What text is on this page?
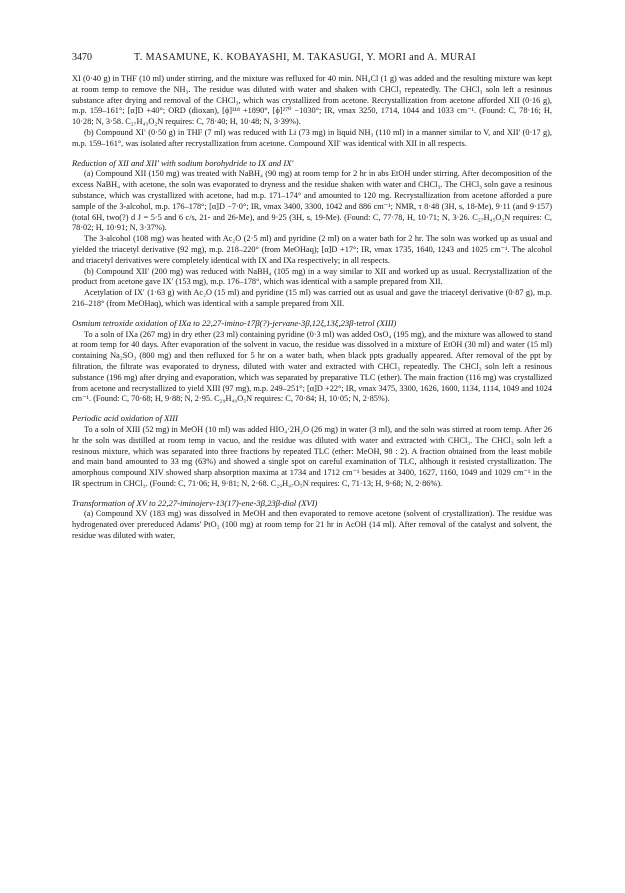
3470	T. MASAMUNE, K. KOBAYASHI, M. TAKASUGI, Y. MORI and A. MURAI

XI (0·40 g) in THF (10 ml) under stirring, and the mixture was refluxed for 40 min. NH₄Cl (1 g) was added and the resulting mixture was kept at room temp to remove the NH₃. The residue was diluted with water and shaken with CHCl₃ repeatedly. The CHCl₃ soln left a resinous substance after drying and removal of the CHCl₃, which was crystallized from acetone. Recrystallization from acetone afforded XII (0·16 g), m.p. 159–161°; [α]D +40°; ORD (dioxan), [ϕ]³¹⁸ +1890°, [ϕ]²⁷⁰ −1030°; IR, νmax 3250, 1714, 1044 and 1033 cm⁻¹. (Found: C, 78·16; H, 10·28; N, 3·58. C₂₇H₄₃O₂N requires: C, 78·40; H, 10·48; N, 3·39%).

(b) Compound XI′ (0·50 g) in THF (7 ml) was reduced with Li (73 mg) in liquid NH₃ (110 ml) in a manner similar to V, and XII′ (0·17 g), m.p. 159–161°, was isolated after recrystallization from acetone. Compound XII′ was identical with XII in all respects.

Reduction of XII and XII′ with sodium borohydride to IX and IX′

(a) Compound XII (150 mg) was treated with NaBH₄ (90 mg) at room temp for 2 hr in abs EtOH under stirring. After decomposition of the excess NaBH₄ with acetone, the soln was evaporated to dryness and the residue shaken with water and CHCl₃. The CHCl₃ soln gave a resinous substance, which was crystallized with acetone, had m.p. 171–174° and amounted to 120 mg. Recrystallization from acetone afforded a pure sample of the 3-alcohol, m.p. 176–178°; [α]D −7·0°; IR, νmax 3400, 3300, 1042 and 886 cm⁻¹; NMR, τ 8·48 (3H, s, 18-Me), 9·11 (and 9·157) (total 6H, two(?) d J = 5·5 and 6 c/s, 21- and 26-Me), and 9·25 (3H, s, 19-Me). (Found: C, 77·78, H, 10·71; N, 3·26. C₂₇H₄₅O₂N requires: C, 78·02; H, 10·91; N, 3·37%).

The 3-alcohol (108 mg) was heated with Ac₂O (2·5 ml) and pyridine (2 ml) on a water bath for 2 hr. The soln was worked up as usual and yielded the triacetyl derivative (92 mg), m.p. 218–220° (from MeOHaq); [α]D +17°; IR, νmax 1735, 1640, 1243 and 1025 cm⁻¹. The alcohol and triacetyl derivatives were completely identical with IX and IXa respectively; in all respects.

(b) Compound XII′ (200 mg) was reduced with NaBH₄ (105 mg) in a way similar to XII and worked up as usual. Recrystallization of the product from acetone gave IX′ (153 mg), m.p. 176–178°, which was identical with a sample prepared from XII.

Acetylation of IX′ (1·63 g) with Ac₂O (15 ml) and pyridine (15 ml) was carried out as usual and gave the triacetyl derivative (0·87 g), m.p. 216–218° (from MeOHaq), which was identical with a sample prepared from XII.

Osmium tetroxide oxidation of IXa to 22,27-imino-17β(?)-jervane-3β,12ξ,13ξ,23β-tetrol (XIII)

To a soln of IXa (267 mg) in dry ether (23 ml) containing pyridine (0·3 ml) was added OsO₄ (195 mg), and the mixture was allowed to stand at room temp for 40 days. After evaporation of the solvent in vacuo, the residue was dissolved in a mixture of EtOH (30 ml) and water (15 ml) containing Na₂SO₃ (800 mg) and then refluxed for 5 hr on a water bath, when black ppts gradually appeared. After removal of the ppt by filtration, the filtrate was evaporated to dryness, diluted with water and extracted with CHCl₃ repeatedly. The CHCl₃ soln left a resinous substance (196 mg) after drying and evaporation, which was separated by preparative TLC (ether). The main fraction (116 mg) was crystallized from acetone and recrystallized to yield XIII (97 mg), m.p. 249–251°; [α]D +22°; IR, νmax 3475, 3300, 1626, 1600, 1134, 1114, 1049 and 1024 cm⁻¹. (Found: C, 70·68; H, 9·88; N, 2·95. C₂₉H₄₉O₅N requires: C, 70·84; H, 10·05; N, 2·85%).

Periodic acid oxidation of XIII

To a soln of XIII (52 mg) in MeOH (10 ml) was added HIO₄·2H₂O (26 mg) in water (3 ml), and the soln was stirred at room temp. After 26 hr the soln was distilled at room temp in vacuo, and the residue was diluted with water and extracted with CHCl₃. The CHCl₃ soln left a resinous mixture, which was separated into three fractions by repeated TLC (ether: MeOH, 98 : 2). A fraction obtained from the least mobile and main band amounted to 33 mg (63%) and showed a single spot on careful examination of TLC, although it resisted crystallization. The amorphous compound XIV showed sharp absorption maxima at 1734 and 1712 cm⁻¹ besides at 3400, 1627, 1160, 1049 and 1029 cm⁻¹ in the IR spectrum in CHCl₃. (Found: C, 71·06; H, 9·81; N, 2·68. C₂₉H₄₇O₅N requires: C, 71·13; H, 9·68; N, 2·86%).

Transformation of XV to 22,27-iminojerv-13(17)-ene-3β,23β-diol (XVI)

(a) Compound XV (183 mg) was dissolved in MeOH and then evaporated to remove acetone (solvent of crystallization). The residue was hydrogenated over prereduced Adams' PtO₂ (100 mg) at room temp for 21 hr in AcOH (14 ml). After removal of the catalyst and solvent, the residue was diluted with water,
